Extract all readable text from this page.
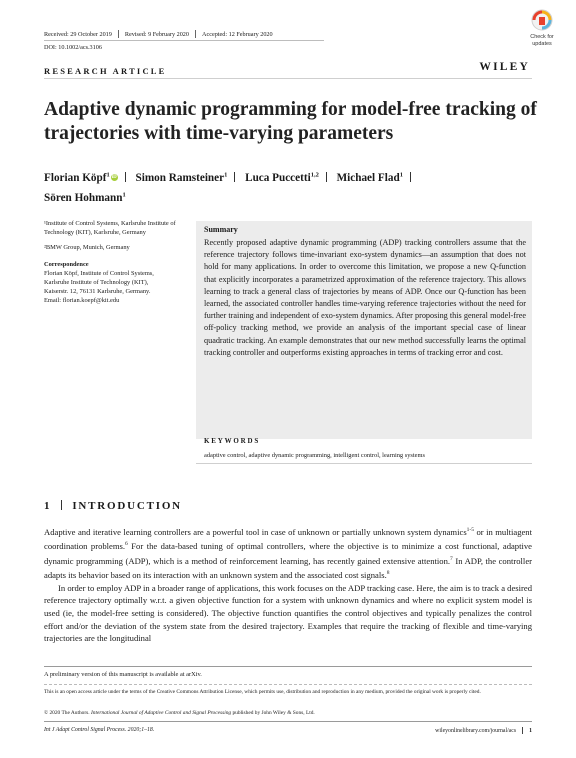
Received: 29 October 2019 Revised: 9 February 2020 Accepted: 12 February 2020
DOI: 10.1002/acs.3106
RESEARCH ARTICLE	WILEY
Check for updates
Adaptive dynamic programming for model-free tracking of trajectories with time-varying parameters
Florian Köpf$^1$ iD Simon Ramsteiner$^1$ Luca Puccetti$^{1,2}$ Michael Flad$^1$
Sören Hohmann$^1$

¹Institute of Control Systems, Karlsruhe Institute of Technology (KIT), Karlsruhe, Germany

²BMW Group, Munich, Germany

Correspondence

Florian Köpf, Institute of Control Systems,
Karlsruhe Institute of Technology (KIT),
Kaiserstr. 12, 76131 Karlsruhe, Germany.
Email: florian.koepf@kit.edu
Summary
Recently proposed adaptive dynamic programming (ADP) tracking controllers assume that the reference trajectory follows time-invariant exo-system dynamics—an assumption that does not hold for many applications. In order to overcome this limitation, we propose a new Q-function that explicitly incorporates a parametrized approximation of the reference trajectory. This allows learning to track a general class of trajectories by means of ADP. Once our Q-function has been learned, the associated controller handles time-varying reference trajectories without the need for further training and independent of exo-system dynamics. After proposing this general model-free off-policy tracking method, we provide an analysis of the important special case of linear quadratic tracking. An example demonstrates that our new method successfully learns the optimal tracking controller and outperforms existing approaches in terms of tracking error and cost.
KEYWORDS
adaptive control, adaptive dynamic programming, intelligent control, learning systems
1 INTRODUCTION

Adaptive and iterative learning controllers are a powerful tool in case of unknown or partially unknown system dynamics$^{1-5}$ or in multiagent coordination problems.$^6$ For the data-based tuning of optimal controllers, where the objective is to minimize a cost functional, adaptive dynamic programming (ADP), which is a method of reinforcement learning, has recently gained extensive attention.$^7$ In ADP, the controller adapts its behavior based on its interaction with an unknown system and the associated cost signals.$^8$

In order to employ ADP in a broader range of applications, this work focuses on the ADP tracking case. Here, the aim is to track a desired reference trajectory optimally w.r.t. a given objective function for a system with unknown dynamics and where no explicit system model is used (ie, the model-free setting is considered). The objective function quantifies the control objectives and typically penalizes the control effort and/or the deviation of the system state from the desired trajectory. Examples that require the tracking of flexible and time-varying trajectories are the longitudinal

A preliminary version of this manuscript is available at arXiv.
This is an open access article under the terms of the Creative Commons Attribution License, which permits use, distribution and reproduction in any medium, provided the original work is properly cited.
© 2020 The Authors. International Journal of Adaptive Control and Signal Processing published by John Wiley & Sons, Ltd.
Int J Adapt Control Signal Process. 2020;1–18.	wileyonlinelibrary.com/journal/acs 1
